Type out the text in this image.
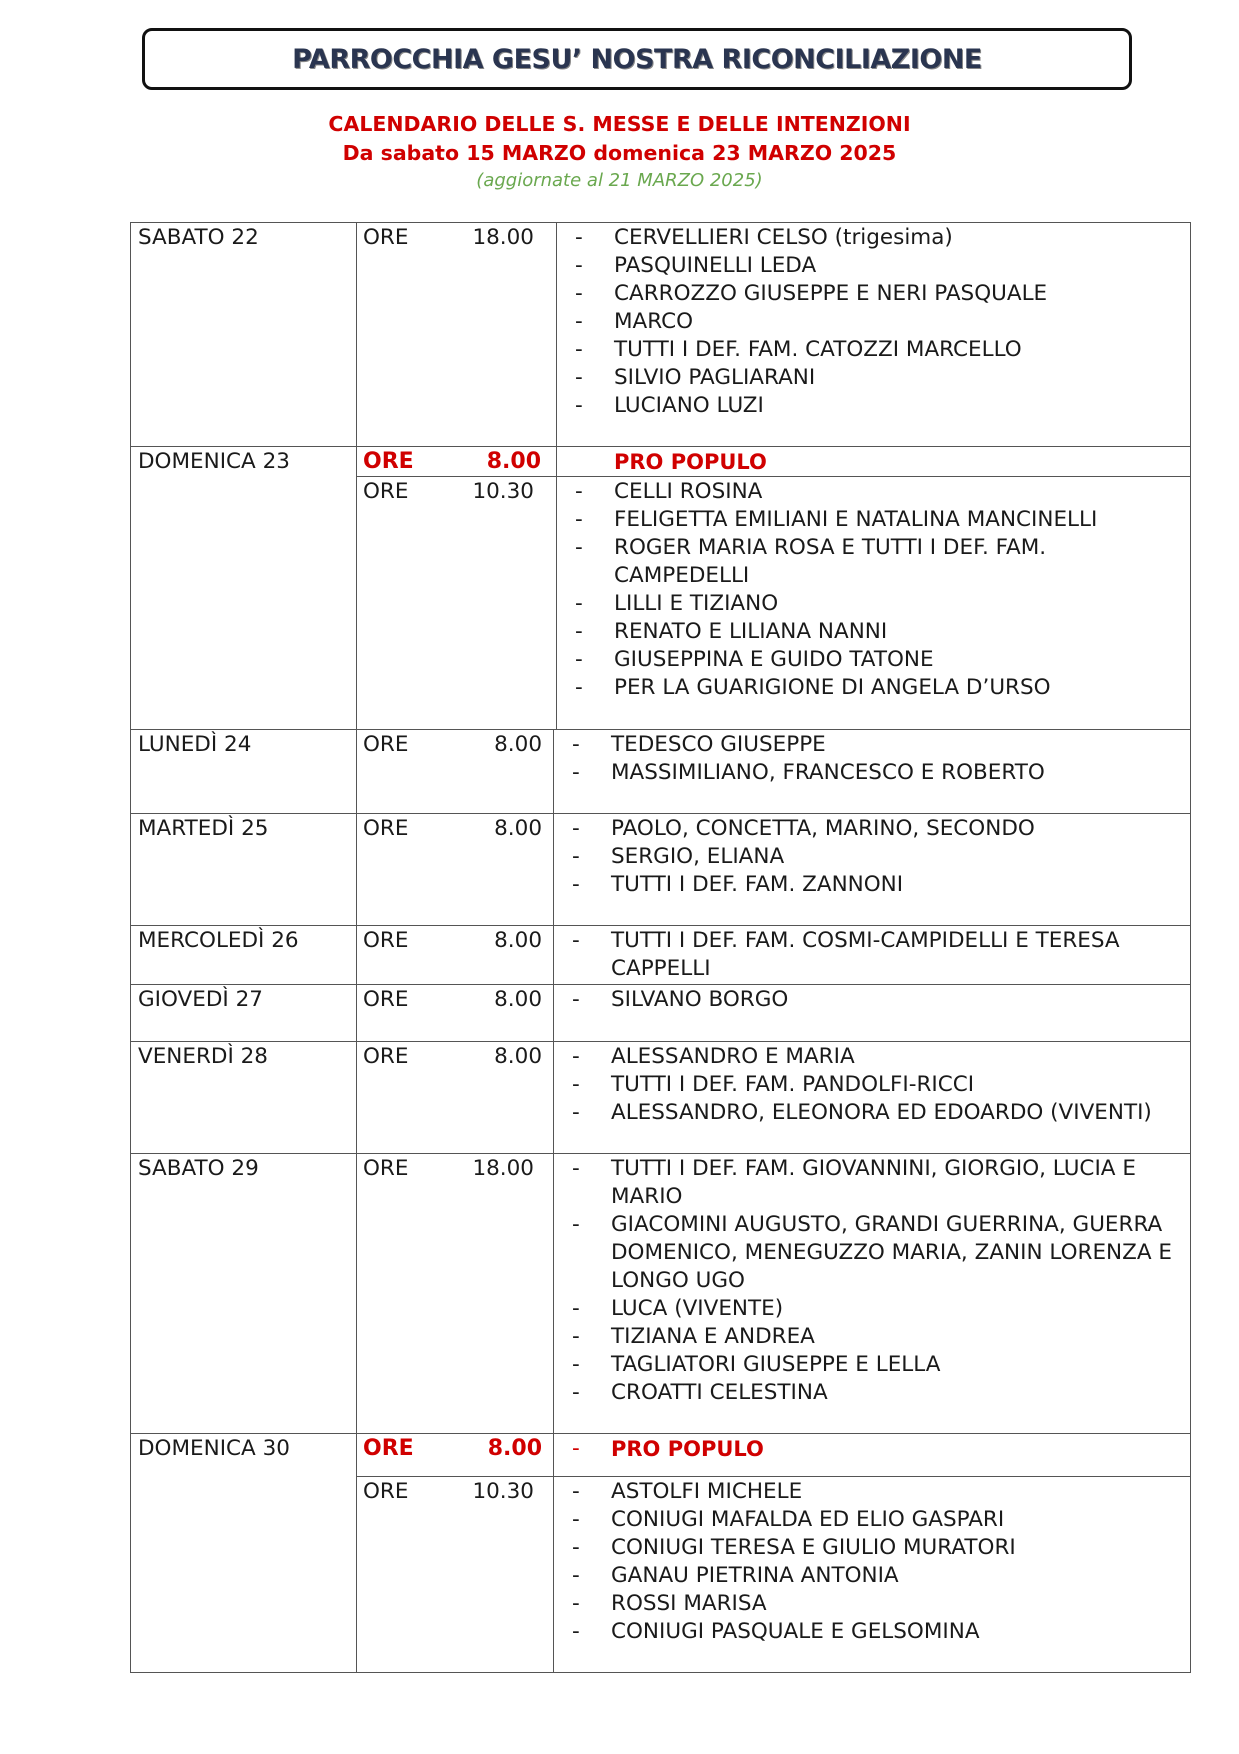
PARROCCHIA GESU’ NOSTRA RICONCILIAZIONE
CALENDARIO DELLE S. MESSE E DELLE INTENZIONI
Da sabato 15 MARZO domenica 23 MARZO 2025
(aggiornate al 21 MARZO 2025)
SABATO 22	ORE	18.00 - CERVELLIERI CELSO (trigesima)
- PASQUINELLI LEDA
- CARROZZO GIUSEPPE E NERI PASQUALE
- MARCO
- TUTTI I DEF. FAM. CATOZZI MARCELLO
- SILVIO PAGLIARANI
- LUCIANO LUZI
DOMENICA 23	ORE	8.00	PRO POPULO
ORE	10.30 - CELLI ROSINA
- FELIGETTA EMILIANI E NATALINA MANCINELLI
- ROGER MARIA ROSA E TUTTI I DEF. FAM.
CAMPEDELLI
- LILLI E TIZIANO
- RENATO E LILIANA NANNI
- GIUSEPPINA E GUIDO TATONE
- PER LA GUARIGIONE DI ANGELA D’URSO
LUNEDÌ 24	ORE	8.00 - TEDESCO GIUSEPPE
- MASSIMILIANO, FRANCESCO E ROBERTO
MARTEDÌ 25	ORE	8.00 - PAOLO, CONCETTA, MARINO, SECONDO
- SERGIO, ELIANA
- TUTTI I DEF. FAM. ZANNONI
MERCOLEDÌ 26	ORE	8.00 - TUTTI I DEF. FAM. COSMI-CAMPIDELLI E TERESA
CAPPELLI
GIOVEDÌ 27	ORE	8.00 - SILVANO BORGO
VENERDÌ 28	ORE	8.00 - ALESSANDRO E MARIA
- TUTTI I DEF. FAM. PANDOLFI-RICCI
- ALESSANDRO, ELEONORA ED EDOARDO (VIVENTI)
SABATO 29	ORE	18.00 - TUTTI I DEF. FAM. GIOVANNINI, GIORGIO, LUCIA E
MARIO
- GIACOMINI AUGUSTO, GRANDI GUERRINA, GUERRA
DOMENICO, MENEGUZZO MARIA, ZANIN LORENZA E
LONGO UGO
- LUCA (VIVENTE)
- TIZIANA E ANDREA
- TAGLIATORI GIUSEPPE E LELLA
- CROATTI CELESTINA
DOMENICA 30	ORE	8.00 - PRO POPULO
ORE	10.30 - ASTOLFI MICHELE
- CONIUGI MAFALDA ED ELIO GASPARI
- CONIUGI TERESA E GIULIO MURATORI
- GANAU PIETRINA ANTONIA
- ROSSI MARISA
- CONIUGI PASQUALE E GELSOMINA
